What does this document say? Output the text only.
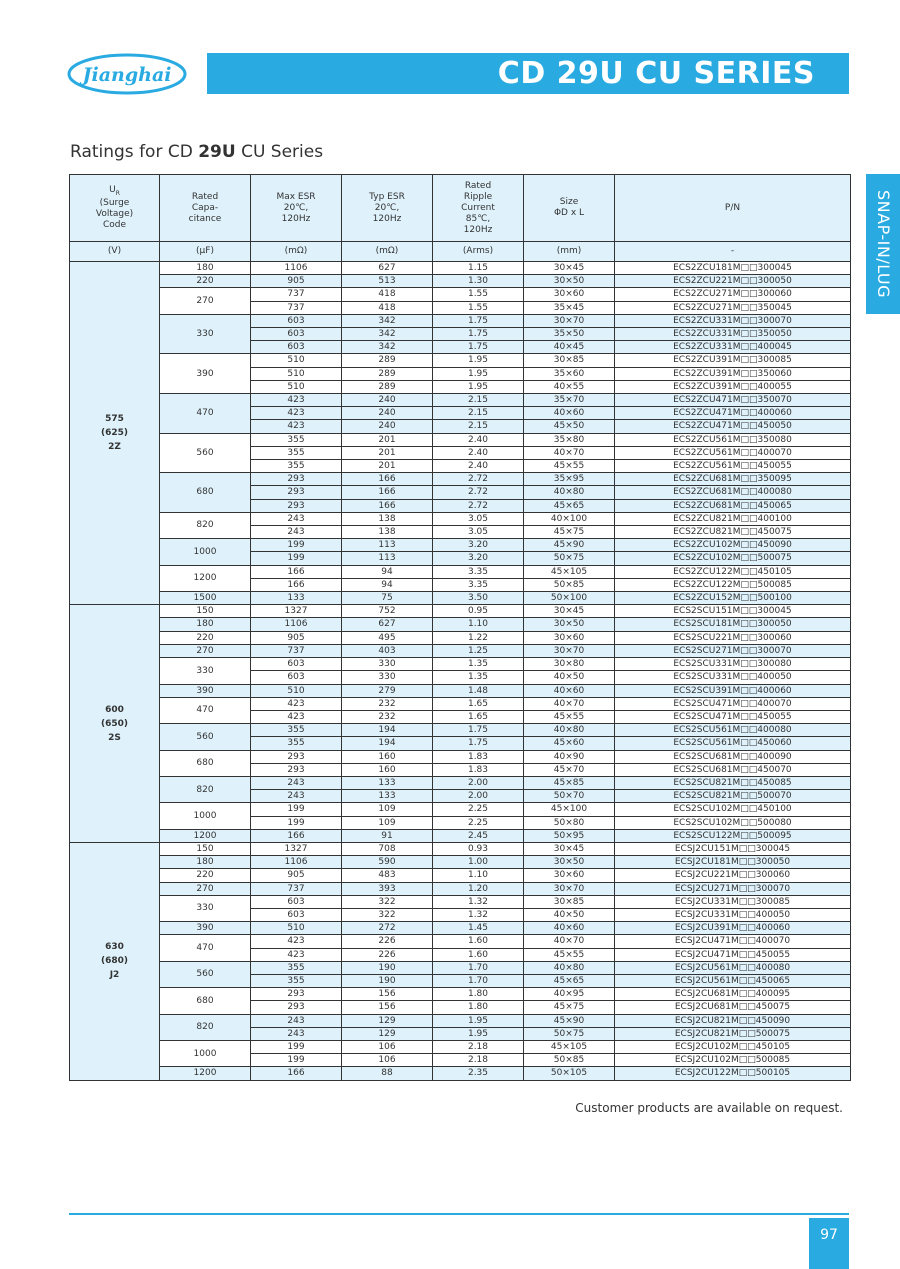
Jianghai	CD 29U CU SERIES
Ratings for CD 29U CU Series
SNAP-IN/LUG
$U_R$
(Surge
Voltage)
Code	Rated
Capa-
citance	Max ESR
20℃,
120Hz	Typ ESR
20℃,
120Hz	Rated
Ripple
Current
85℃,
120Hz	Size
ΦD x L	P/N
(V)	(μF)	(mΩ)	(mΩ)	(Arms)	(mm)	-

575
(625)
2Z	180	1106	627	1.15	30×45	ECS2ZCU181M□□300045
	220	905	513	1.30	30×50	ECS2ZCU221M□□300050
	270	737	418	1.55	30×60	ECS2ZCU271M□□300060
		737	418	1.55	35×45	ECS2ZCU271M□□350045
	330	603	342	1.75	30×70	ECS2ZCU331M□□300070
		603	342	1.75	35×50	ECS2ZCU331M□□350050
		603	342	1.75	40×45	ECS2ZCU331M□□400045
	390	510	289	1.95	30×85	ECS2ZCU391M□□300085
		510	289	1.95	35×60	ECS2ZCU391M□□350060
		510	289	1.95	40×55	ECS2ZCU391M□□400055
	470	423	240	2.15	35×70	ECS2ZCU471M□□350070
		423	240	2.15	40×60	ECS2ZCU471M□□400060
		423	240	2.15	45×50	ECS2ZCU471M□□450050
	560	355	201	2.40	35×80	ECS2ZCU561M□□350080
		355	201	2.40	40×70	ECS2ZCU561M□□400070
		355	201	2.40	45×55	ECS2ZCU561M□□450055
	680	293	166	2.72	35×95	ECS2ZCU681M□□350095
		293	166	2.72	40×80	ECS2ZCU681M□□400080
		293	166	2.72	45×65	ECS2ZCU681M□□450065
	820	243	138	3.05	40×100	ECS2ZCU821M□□400100
		243	138	3.05	45×75	ECS2ZCU821M□□450075
	1000	199	113	3.20	45×90	ECS2ZCU102M□□450090
		199	113	3.20	50×75	ECS2ZCU102M□□500075
	1200	166	94	3.35	45×105	ECS2ZCU122M□□450105
		166	94	3.35	50×85	ECS2ZCU122M□□500085
	1500	133	75	3.50	50×100	ECS2ZCU152M□□500100

600
(650)
2S	150	1327	752	0.95	30×45	ECS2SCU151M□□300045
	180	1106	627	1.10	30×50	ECS2SCU181M□□300050
	220	905	495	1.22	30×60	ECS2SCU221M□□300060
	270	737	403	1.25	30×70	ECS2SCU271M□□300070
	330	603	330	1.35	30×80	ECS2SCU331M□□300080
		603	330	1.35	40×50	ECS2SCU331M□□400050
	390	510	279	1.48	40×60	ECS2SCU391M□□400060
	470	423	232	1.65	40×70	ECS2SCU471M□□400070
		423	232	1.65	45×55	ECS2SCU471M□□450055
	560	355	194	1.75	40×80	ECS2SCU561M□□400080
		355	194	1.75	45×60	ECS2SCU561M□□450060
	680	293	160	1.83	40×90	ECS2SCU681M□□400090
		293	160	1.83	45×70	ECS2SCU681M□□450070
	820	243	133	2.00	45×85	ECS2SCU821M□□450085
		243	133	2.00	50×70	ECS2SCU821M□□500070
	1000	199	109	2.25	45×100	ECS2SCU102M□□450100
		199	109	2.25	50×80	ECS2SCU102M□□500080
	1200	166	91	2.45	50×95	ECS2SCU122M□□500095

630
(680)
J2	150	1327	708	0.93	30×45	ECSJ2CU151M□□300045
	180	1106	590	1.00	30×50	ECSJ2CU181M□□300050
	220	905	483	1.10	30×60	ECSJ2CU221M□□300060
	270	737	393	1.20	30×70	ECSJ2CU271M□□300070
	330	603	322	1.32	30×85	ECSJ2CU331M□□300085
		603	322	1.32	40×50	ECSJ2CU331M□□400050
	390	510	272	1.45	40×60	ECSJ2CU391M□□400060
	470	423	226	1.60	40×70	ECSJ2CU471M□□400070
		423	226	1.60	45×55	ECSJ2CU471M□□450055
	560	355	190	1.70	40×80	ECSJ2CU561M□□400080
		355	190	1.70	45×65	ECSJ2CU561M□□450065
	680	293	156	1.80	40×95	ECSJ2CU681M□□400095
		293	156	1.80	45×75	ECSJ2CU681M□□450075
	820	243	129	1.95	45×90	ECSJ2CU821M□□450090
		243	129	1.95	50×75	ECSJ2CU821M□□500075
	1000	199	106	2.18	45×105	ECSJ2CU102M□□450105
		199	106	2.18	50×85	ECSJ2CU102M□□500085
	1200	166	88	2.35	50×105	ECSJ2CU122M□□500105
Customer products are available on request.
97
